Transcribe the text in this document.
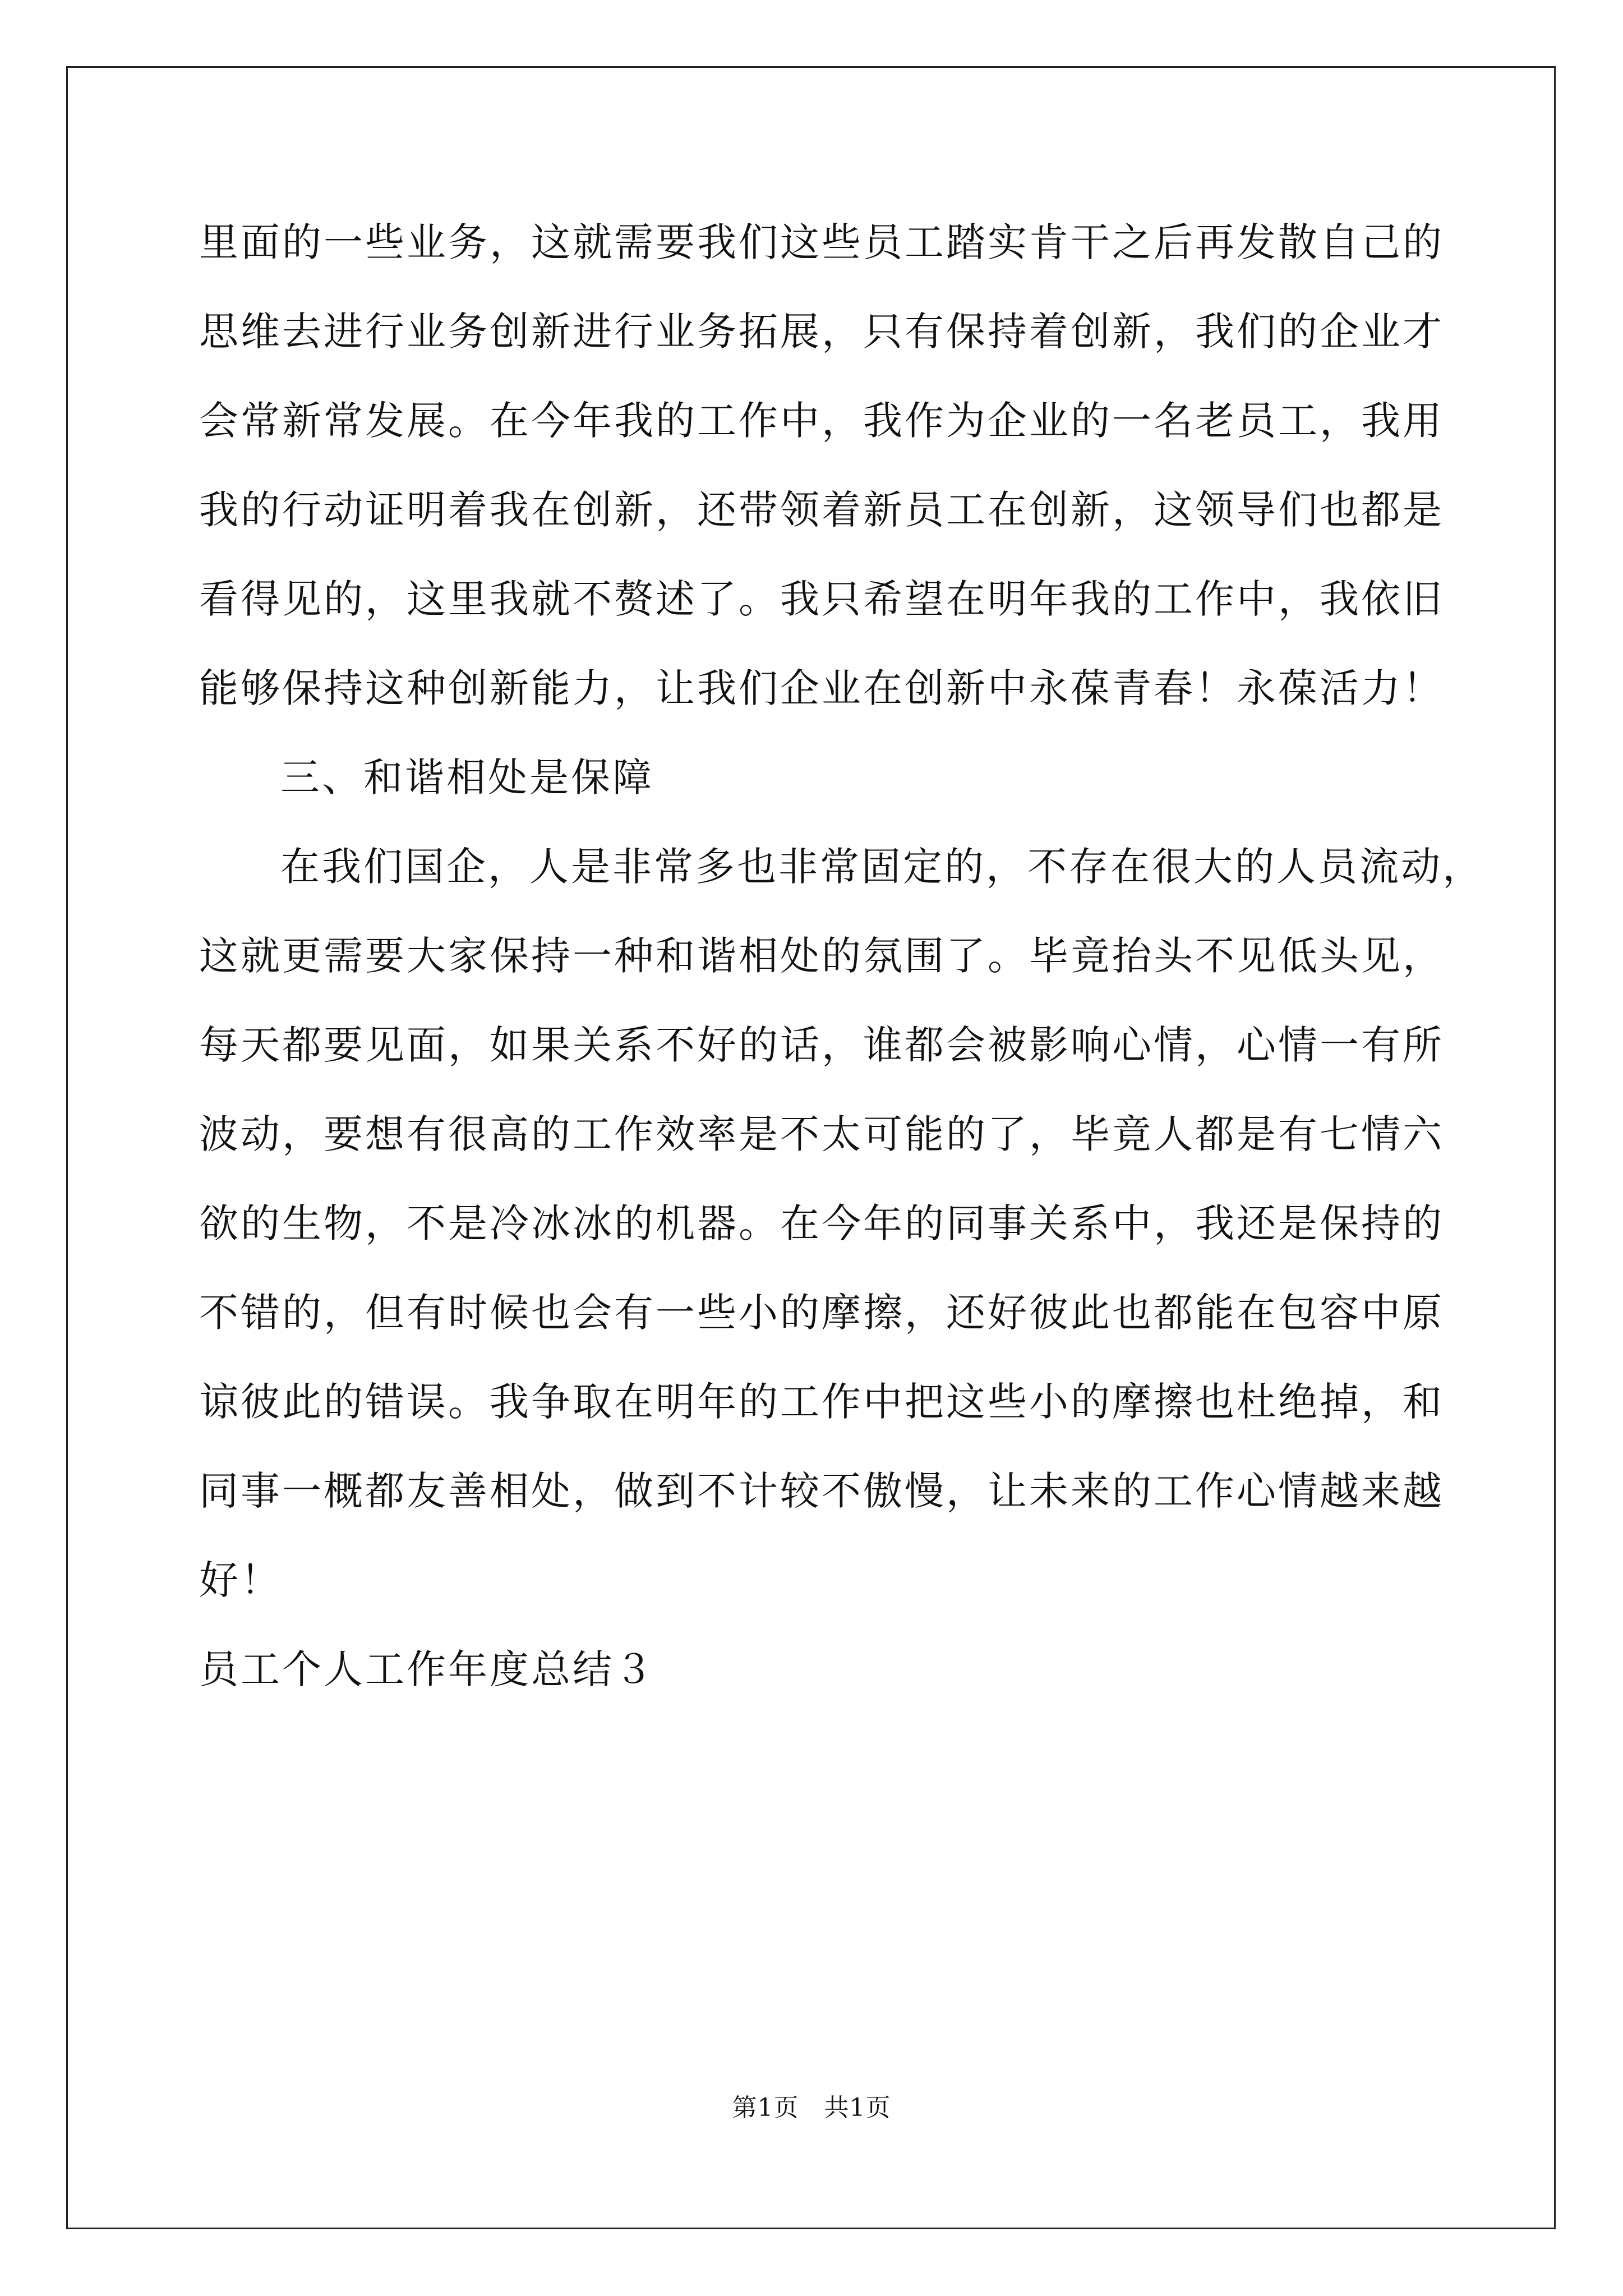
里面的一些业务，这就需要我们这些员工踏实肯干之后再发散自己的
思维去进行业务创新进行业务拓展，只有保持着创新，我们的企业才
会常新常发展。在今年我的工作中，我作为企业的一名老员工，我用
我的行动证明着我在创新，还带领着新员工在创新，这领导们也都是
看得见的，这里我就不赘述了。我只希望在明年我的工作中，我依旧
能够保持这种创新能力，让我们企业在创新中永葆青春！永葆活力！
三、和谐相处是保障
在我们国企，人是非常多也非常固定的，不存在很大的人员流动，
这就更需要大家保持一种和谐相处的氛围了。毕竟抬头不见低头见，
每天都要见面，如果关系不好的话，谁都会被影响心情，心情一有所
波动，要想有很高的工作效率是不太可能的了，毕竟人都是有七情六
欲的生物，不是冷冰冰的机器。在今年的同事关系中，我还是保持的
不错的，但有时候也会有一些小的摩擦，还好彼此也都能在包容中原
谅彼此的错误。我争取在明年的工作中把这些小的摩擦也杜绝掉，和
同事一概都友善相处，做到不计较不傲慢，让未来的工作心情越来越
好！
员工个人工作年度总结３
第1页　共1页
